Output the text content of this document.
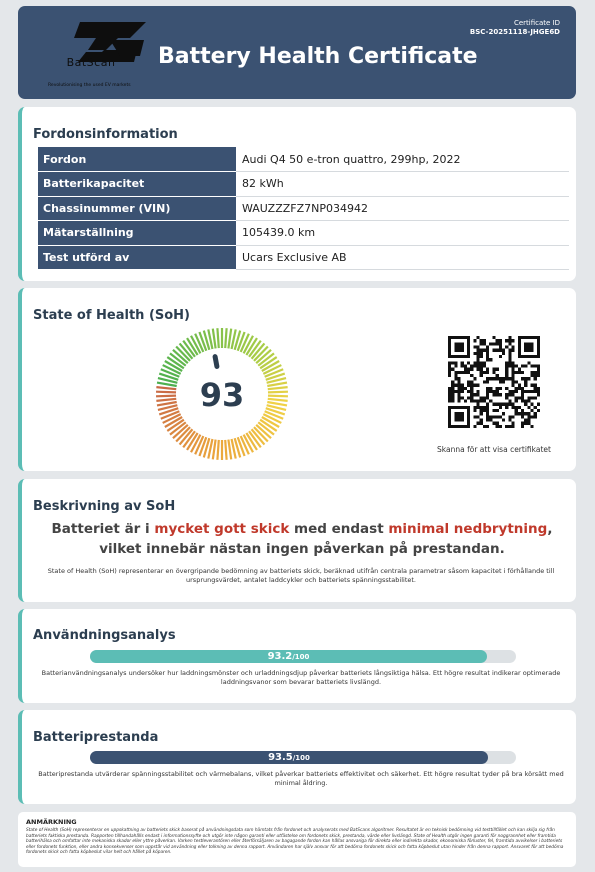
BatScan
Revolutionising the used EV markets
Battery Health Certificate
Certificate ID
BSC-20251118-JHGE6D
Fordonsinformation
Fordon	Audi Q4 50 e-tron quattro, 299hp, 2022
Batterikapacitet	82 kWh
Chassinummer (VIN)	WAUZZZFZ7NP034942
Mätarställning	105439.0 km
Test utförd av	Ucars Exclusive AB
State of Health (SoH)
93
Skanna för att visa certifikatet
Beskrivning av SoH
Batteriet är i mycket gott skick med endast minimal nedbrytning,
vilket innebär nästan ingen påverkan på prestandan.
State of Health (SoH) representerar en övergripande bedömning av batteriets skick, beräknad utifrån centrala parametrar såsom kapacitet i förhållande till ursprungsvärdet, antalet laddcykler och batteriets spänningsstabilitet.
Användningsanalys
93.2/100
Batterianvändningsanalys undersöker hur laddningsmönster och urladdningsdjup påverkar batteriets långsiktiga hälsa. Ett högre resultat indikerar optimerade laddningsvanor som bevarar batteriets livslängd.
Batteriprestanda
93.5/100
Batteriprestanda utvärderar spänningsstabilitet och värmebalans, vilket påverkar batteriets effektivitet och säkerhet. Ett högre resultat tyder på bra körsätt med minimal åldring.
ANMÄRKNING
State of Health (SoH) representerar en uppskattning av batteriets skick baserat på användningsdata som hämtats från fordonet och analyserats med BatScans algoritmer. Resultatet är en teknisk bedömning vid testtillfället och kan skilja sig från batteriets faktiska prestanda. Rapporten tillhandahålls endast i informationssyfte och utgör inte någon garanti eller utfästelse om fordonets skick, prestanda, värde eller livslängd. State of Health utgör ingen garanti för noggrannhet eller framtida batterihälsa och omfattar inte mekaniska skador eller yttre påverkan. Varken testleverantören eller återförsäljaren av bagagande fordon kan hållas ansvariga för direkta eller indirekta skador, ekonomiska förluster, fel, framtida avvikelser i batteriets eller fordonets funktion, eller andra konsekvenser som uppstår vid användning eller tolkning av denna rapport. Användaren har själv ansvar för att bedöma fordonets skick och fatta köpbeslut utan hinder från denna rapport. Ansvaret för att bedöma fordonets skick och fatta köpbeslut vilar helt och hållet på köparen.
